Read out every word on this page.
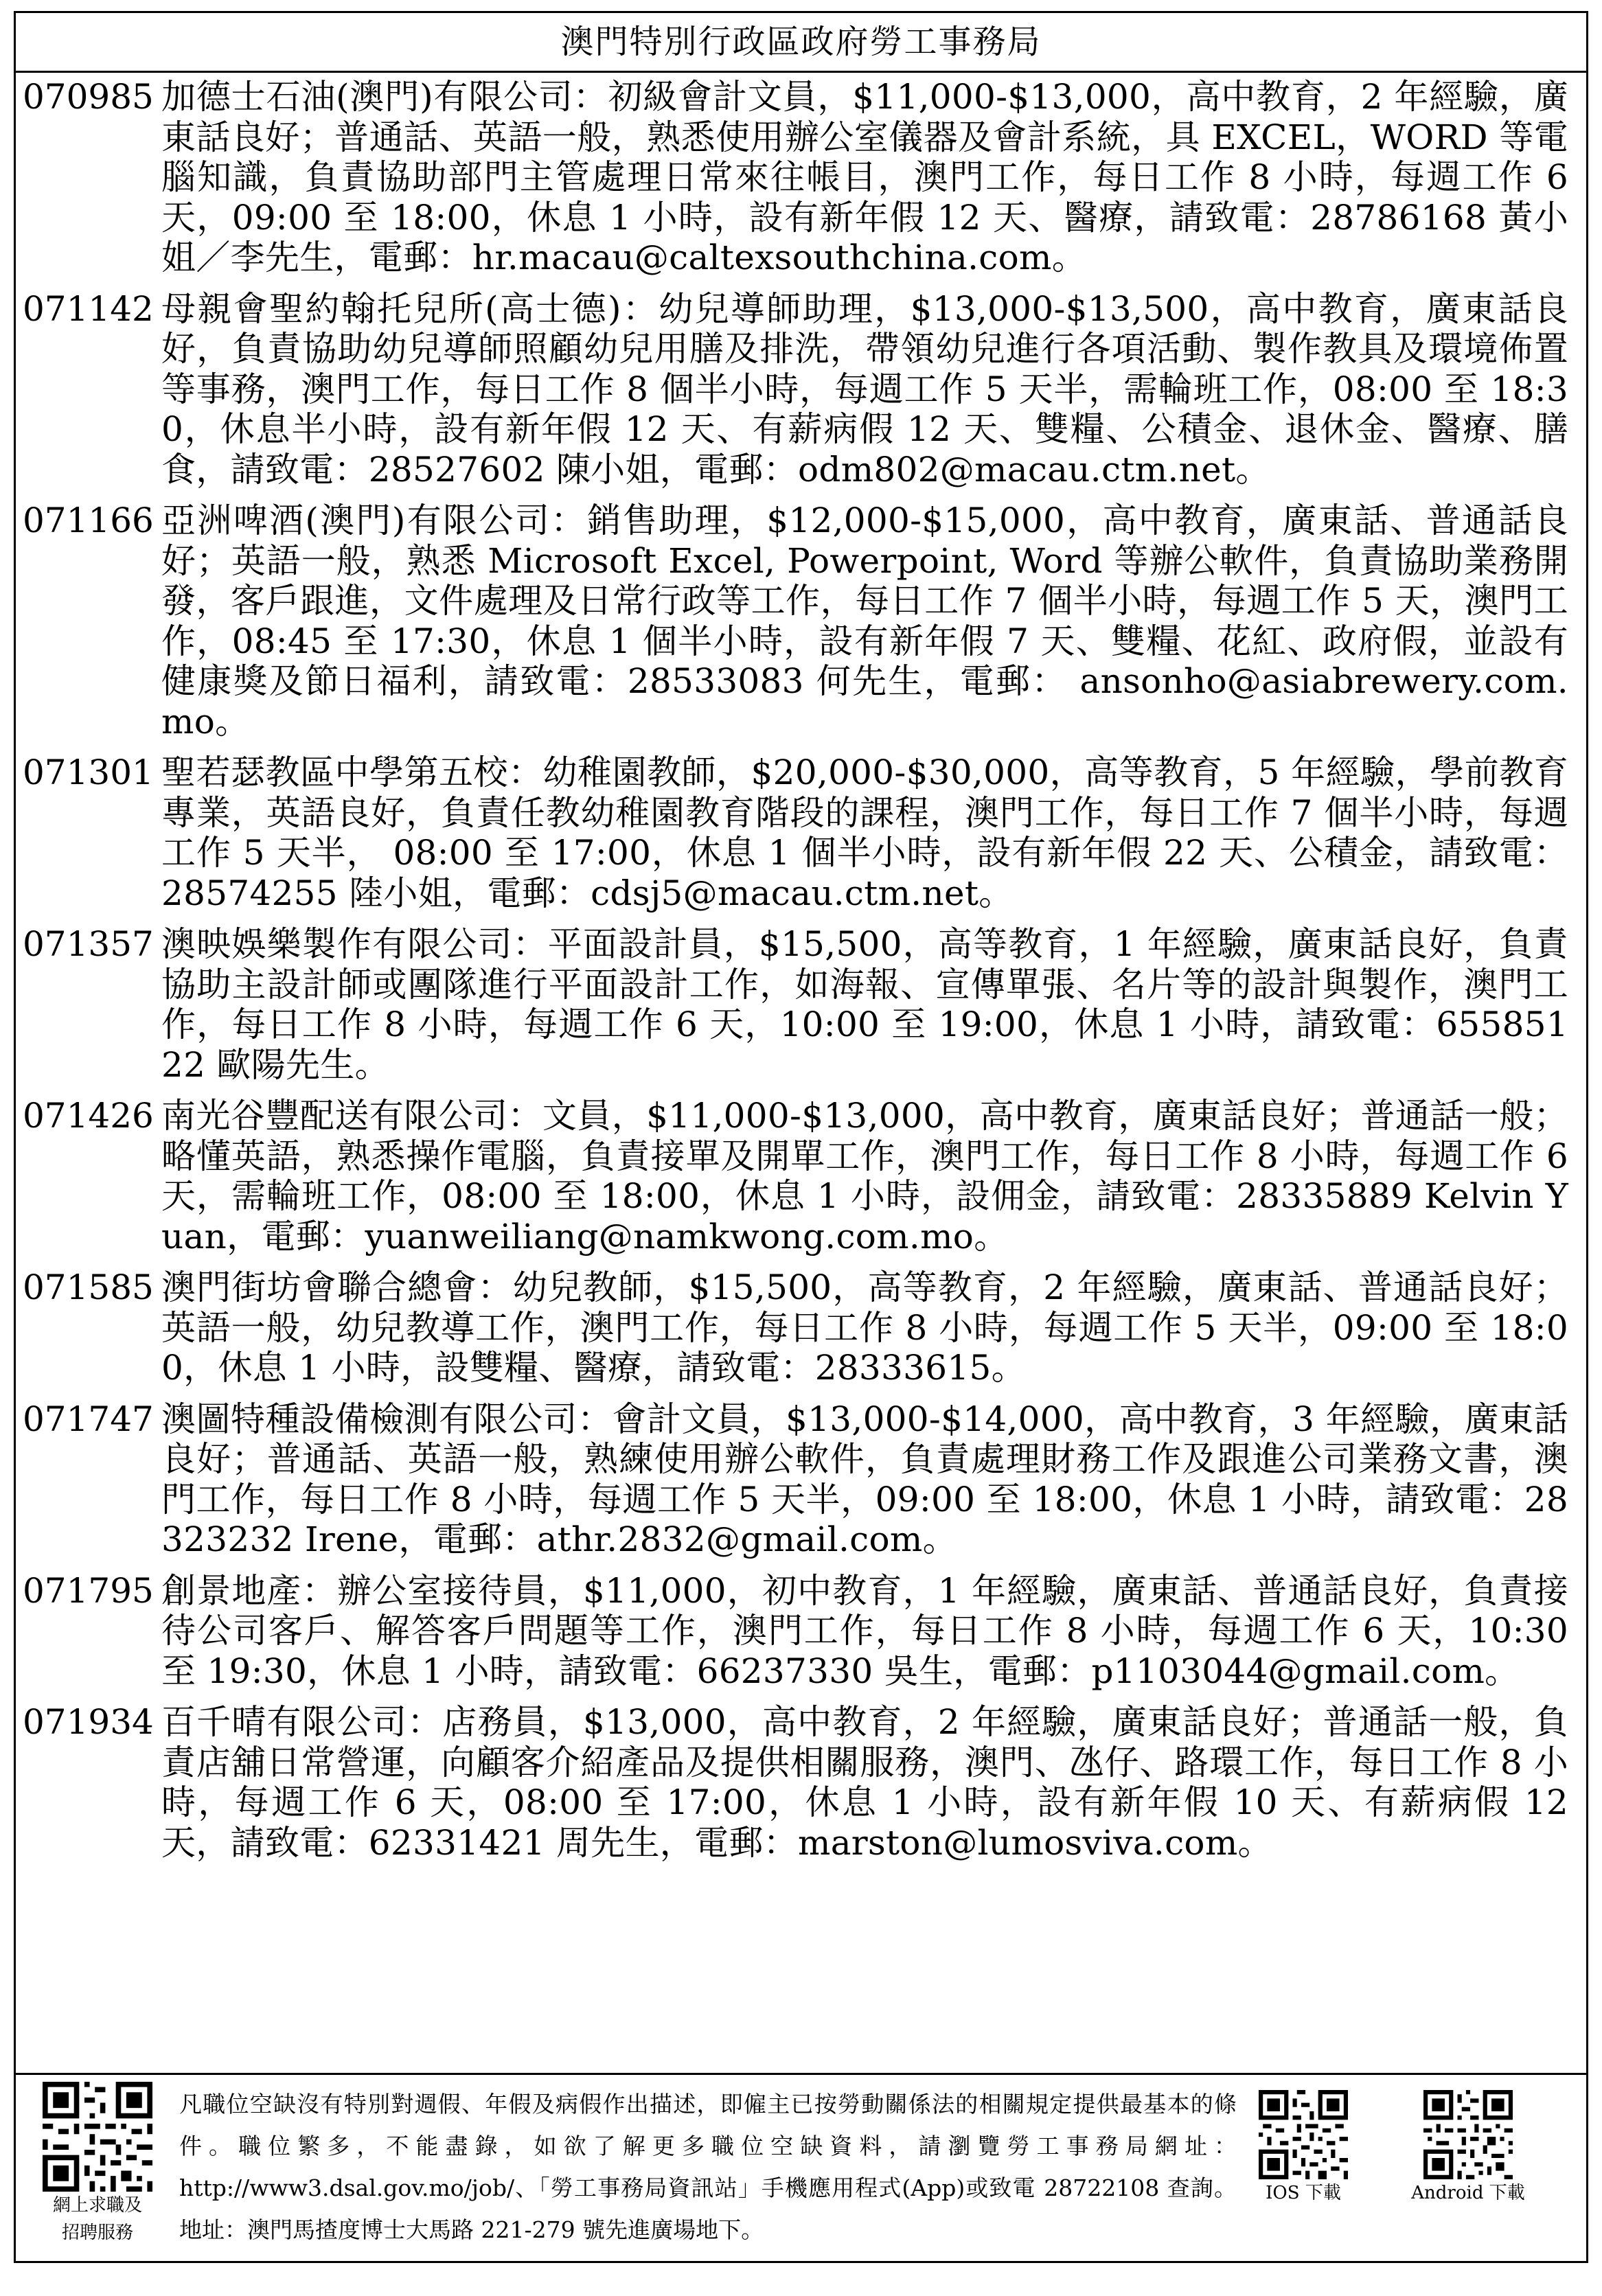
澳門特別行政區政府勞工事務局
070985 加德士石油(澳門)有限公司：初級會計文員，$11,000-$13,000，高中教育，2 年經驗，廣東話良好；普通話、英語一般，熟悉使用辦公室儀器及會計系統，具 EXCEL，WORD 等電腦知識，負責協助部門主管處理日常來往帳目，澳門工作，每日工作 8 小時，每週工作 6 天，09:00 至 18:00，休息 1 小時，設有新年假 12 天、醫療，請致電：28786168 黃小姐／李先生，電郵：hr.macau@caltexsouthchina.com。
071142 母親會聖約翰托兒所(高士德)：幼兒導師助理，$13,000-$13,500，高中教育，廣東話良好，負責協助幼兒導師照顧幼兒用膳及排洗，帶領幼兒進行各項活動、製作教具及環境佈置等事務，澳門工作，每日工作 8 個半小時，每週工作 5 天半，需輪班工作，08:00 至 18:30，休息半小時，設有新年假 12 天、有薪病假 12 天、雙糧、公積金、退休金、醫療、膳食，請致電：28527602 陳小姐，電郵：odm802@macau.ctm.net。
071166 亞洲啤酒(澳門)有限公司：銷售助理，$12,000-$15,000，高中教育，廣東話、普通話良好；英語一般，熟悉 Microsoft Excel, Powerpoint, Word 等辦公軟件，負責協助業務開發，客戶跟進，文件處理及日常行政等工作，每日工作 7 個半小時，每週工作 5 天，澳門工作，08:45 至 17:30，休息 1 個半小時，設有新年假 7 天、雙糧、花紅、政府假，並設有健康獎及節日福利，請致電：28533083 何先生，電郵： ansonho@asiabrewery.com.mo。
071301 聖若瑟教區中學第五校：幼稚園教師，$20,000-$30,000，高等教育，5 年經驗，學前教育專業，英語良好，負責任教幼稚園教育階段的課程，澳門工作，每日工作 7 個半小時，每週工作 5 天半， 08:00 至 17:00，休息 1 個半小時，設有新年假 22 天、公積金，請致電：28574255 陸小姐，電郵：cdsj5@macau.ctm.net。
071357 澳映娛樂製作有限公司：平面設計員，$15,500，高等教育，1 年經驗，廣東話良好，負責協助主設計師或團隊進行平面設計工作，如海報、宣傳單張、名片等的設計與製作，澳門工作，每日工作 8 小時，每週工作 6 天，10:00 至 19:00，休息 1 小時，請致電：65585122 歐陽先生。
071426 南光谷豐配送有限公司：文員，$11,000-$13,000，高中教育，廣東話良好；普通話一般；略懂英語，熟悉操作電腦，負責接單及開單工作，澳門工作，每日工作 8 小時，每週工作 6 天，需輪班工作，08:00 至 18:00，休息 1 小時，設佣金，請致電：28335889 Kelvin Yuan，電郵：yuanweiliang@namkwong.com.mo。
071585 澳門街坊會聯合總會：幼兒教師，$15,500，高等教育，2 年經驗，廣東話、普通話良好；英語一般，幼兒教導工作，澳門工作，每日工作 8 小時，每週工作 5 天半，09:00 至 18:00，休息 1 小時，設雙糧、醫療，請致電：28333615。
071747 澳圖特種設備檢測有限公司：會計文員，$13,000-$14,000，高中教育，3 年經驗，廣東話良好；普通話、英語一般，熟練使用辦公軟件，負責處理財務工作及跟進公司業務文書，澳門工作，每日工作 8 小時，每週工作 5 天半，09:00 至 18:00，休息 1 小時，請致電：28323232 Irene，電郵：athr.2832@gmail.com。
071795 創景地產：辦公室接待員，$11,000，初中教育，1 年經驗，廣東話、普通話良好，負責接待公司客戶、解答客戶問題等工作，澳門工作，每日工作 8 小時，每週工作 6 天，10:30 至 19:30，休息 1 小時，請致電：66237330 吳生，電郵：p1103044@gmail.com。
071934 百千晴有限公司：店務員，$13,000，高中教育，2 年經驗，廣東話良好；普通話一般，負責店舖日常營運，向顧客介紹產品及提供相關服務，澳門、氹仔、路環工作，每日工作 8 小時，每週工作 6 天，08:00 至 17:00，休息 1 小時，設有新年假 10 天、有薪病假 12 天，請致電：62331421 周先生，電郵：marston@lumosviva.com。
網上求職及
招聘服務
凡職位空缺沒有特別對週假、年假及病假作出描述，即僱主已按勞動關係法的相關規定提供最基本的條件。職位繁多，不能盡錄，如欲了解更多職位空缺資料，請瀏覽勞工事務局網址：http://www3.dsal.gov.mo/job/、「勞工事務局資訊站」手機應用程式(App)或致電 28722108 查詢。地址：澳門馬揸度博士大馬路 221-279 號先進廣場地下。
IOS 下載	Android 下載
